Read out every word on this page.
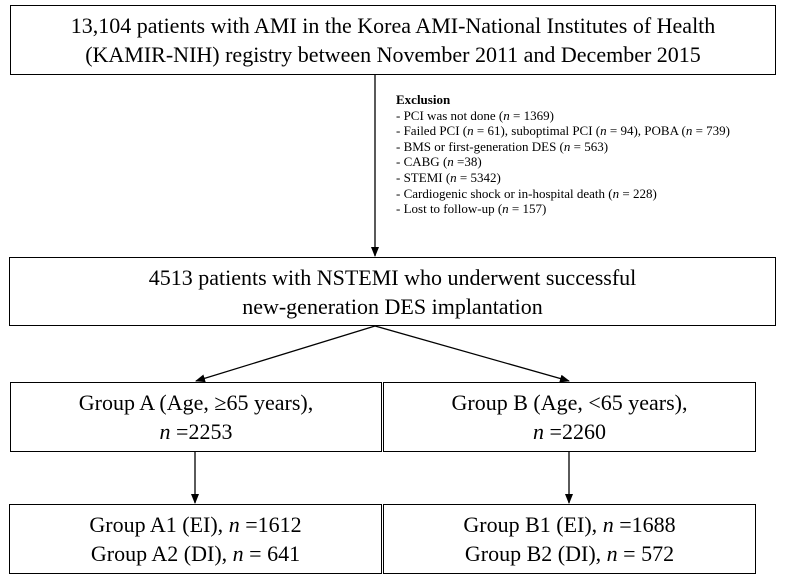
13,104 patients with AMI in the Korea AMI-National Institutes of Health
(KAMIR-NIH) registry between November 2011 and December 2015
Exclusion
- PCI was not done (n = 1369)
- Failed PCI (n = 61), suboptimal PCI (n = 94), POBA (n = 739)
- BMS or first-generation DES (n = 563)
- CABG (n =38)
- STEMI (n = 5342)
- Cardiogenic shock or in-hospital death (n = 228)
- Lost to follow-up (n = 157)
4513 patients with NSTEMI who underwent successful
new-generation DES implantation
Group A (Age, ≥65 years),
n =2253
Group B (Age, <65 years),
n =2260
Group A1 (EI), n =1612
Group A2 (DI), n = 641
Group B1 (EI), n =1688
Group B2 (DI), n = 572
